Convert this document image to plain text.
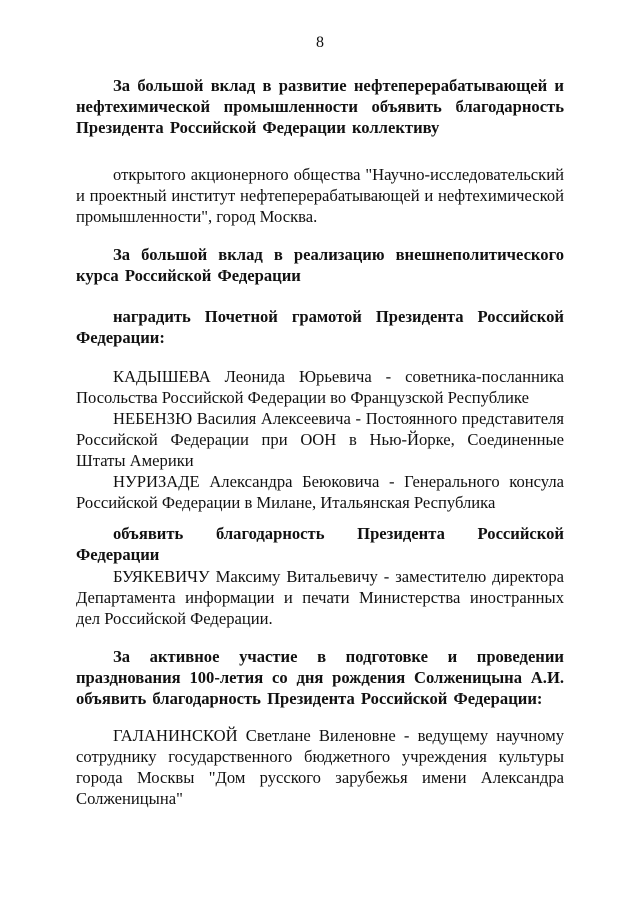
8
За большой вклад в развитие нефтеперерабатывающей и нефтехимической промышленности объявить благодарность Президента Российской Федерации коллективу
открытого акционерного общества "Научно-исследовательский и проектный институт нефтеперерабатывающей и нефтехимической промышленности", город Москва.
За большой вклад в реализацию внешнеполитического курса Российской Федерации
наградить Почетной грамотой Президента Российской Федерации:

КАДЫШЕВА Леонида Юрьевича - советника-посланника Посольства Российской Федерации во Французской Республике

НЕБЕНЗЮ Василия Алексеевича - Постоянного представителя Российской Федерации при ООН в Нью-Йорке, Соединенные Штаты Америки

НУРИЗАДЕ Александра Беюковича - Генерального консула Российской Федерации в Милане, Итальянская Республика

объявить благодарность Президента Российской Федерации
БУЯКЕВИЧУ Максиму Витальевичу - заместителю директора Департамента информации и печати Министерства иностранных дел Российской Федерации.
За активное участие в подготовке и проведении празднования 100-летия со дня рождения Солженицына А.И. объявить благодарность Президента Российской Федерации:
ГАЛАНИНСКОЙ Светлане Виленовне - ведущему научному сотруднику государственного бюджетного учреждения культуры города Москвы "Дом русского зарубежья имени Александра Солженицына"
